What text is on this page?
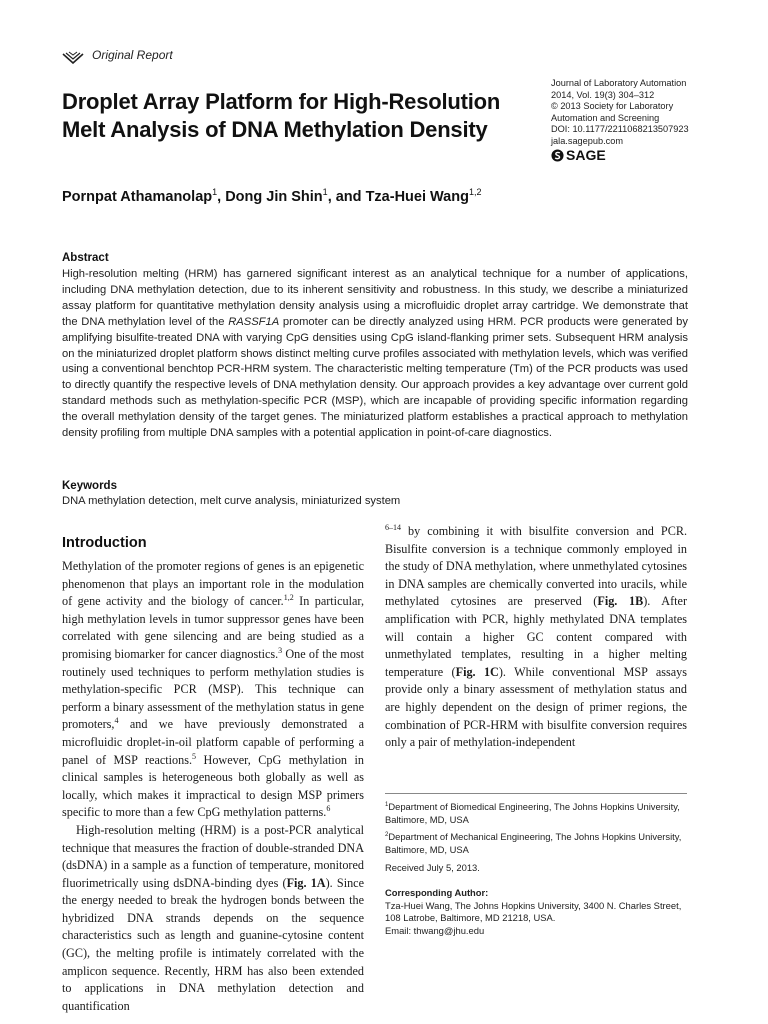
Original Report
Droplet Array Platform for High-Resolution
Melt Analysis of DNA Methylation Density
Journal of Laboratory Automation
2014, Vol. 19(3) 304–312
© 2013 Society for Laboratory
Automation and Screening
DOI: 10.1177/2211068213507923
jala.sagepub.com
SAGE
Pornpat Athamanolap$^1$, Dong Jin Shin$^1$, and Tza-Huei Wang$^{1,2}$
Abstract
High-resolution melting (HRM) has garnered significant interest as an analytical technique for a number of applications, including DNA methylation detection, due to its inherent sensitivity and robustness. In this study, we describe a miniaturized assay platform for quantitative methylation density analysis using a microfluidic droplet array cartridge. We demonstrate that the DNA methylation level of the RASSF1A promoter can be directly analyzed using HRM. PCR products were generated by amplifying bisulfite-treated DNA with varying CpG densities using CpG island-flanking primer sets. Subsequent HRM analysis on the miniaturized droplet platform shows distinct melting curve profiles associated with methylation levels, which was verified using a conventional benchtop PCR-HRM system. The characteristic melting temperature (Tm) of the PCR products was used to directly quantify the respective levels of DNA methylation density. Our approach provides a key advantage over current gold standard methods such as methylation-specific PCR (MSP), which are incapable of providing specific information regarding the overall methylation density of the target genes. The miniaturized platform establishes a practical approach to methylation density profiling from multiple DNA samples with a potential application in point-of-care diagnostics.
Keywords
DNA methylation detection, melt curve analysis, miniaturized system
Introduction

Methylation of the promoter regions of genes is an epigenetic phenomenon that plays an important role in the modulation of gene activity and the biology of cancer.$^{1,2}$ In particular, high methylation levels in tumor suppressor genes have been correlated with gene silencing and are being studied as a promising biomarker for cancer diagnostics.$^3$ One of the most routinely used techniques to perform methylation studies is methylation-specific PCR (MSP). This technique can perform a binary assessment of the methylation status in gene promoters,$^4$ and we have previously demonstrated a microfluidic droplet-in-oil platform capable of performing a panel of MSP reactions.$^5$ However, CpG methylation in clinical samples is heterogeneous both globally as well as locally, which makes it impractical to design MSP primers specific to more than a few CpG methylation patterns.$^6$

High-resolution melting (HRM) is a post-PCR analytical technique that measures the fraction of double-stranded DNA (dsDNA) in a sample as a function of temperature, monitored fluorimetrically using dsDNA-binding dyes (Fig. 1A). Since the energy needed to break the hydrogen bonds between the hybridized DNA strands depends on the sequence characteristics such as length and guanine-cytosine content (GC), the melting profile is intimately correlated with the amplicon sequence. Recently, HRM has also been extended to applications in DNA methylation detection and quantification

$^{6-14}$ by combining it with bisulfite conversion and PCR. Bisulfite conversion is a technique commonly employed in the study of DNA methylation, where unmethylated cytosines in DNA samples are chemically converted into uracils, while methylated cytosines are preserved (Fig. 1B). After amplification with PCR, highly methylated DNA templates will contain a higher GC content compared with unmethylated templates, resulting in a higher melting temperature (Fig. 1C). While conventional MSP assays provide only a binary assessment of methylation status and are highly dependent on the design of primer regions, the combination of PCR-HRM with bisulfite conversion requires only a pair of methylation-independent

$^1$Department of Biomedical Engineering, The Johns Hopkins University, Baltimore, MD, USA
$^2$Department of Mechanical Engineering, The Johns Hopkins University, Baltimore, MD, USA
Received July 5, 2013.
Corresponding Author:
Tza-Huei Wang, The Johns Hopkins University, 3400 N. Charles Street, 108 Latrobe, Baltimore, MD 21218, USA.
Email: thwang@jhu.edu
